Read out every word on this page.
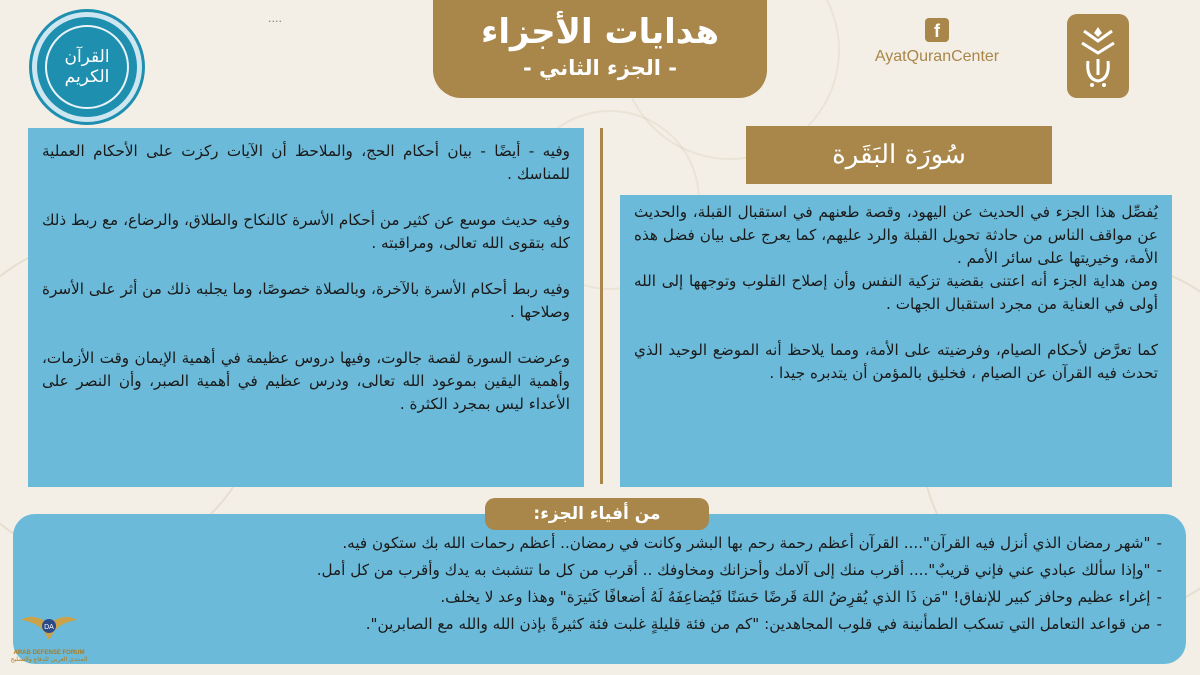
....
القرآن الكريم
هدايات الأجزاء
- الجزء الثاني -
f
AyatQuranCenter

وفيه - أيضًا - بيان أحكام الحج، والملاحظ أن الآيات ركزت على الأحكام العملية للمناسك .

وفيه حديث موسع عن كثير من أحكام الأسرة كالنكاح والطلاق، والرضاع، مع ربط ذلك كله بتقوى الله تعالى، ومراقبته .

وفيه ربط أحكام الأسرة بالآخرة، وبالصلاة خصوصًا، وما يجلبه ذلك من أثر على الأسرة وصلاحها .

وعرضت السورة لقصة جالوت، وفيها دروس عظيمة في أهمية الإيمان وقت الأزمات، وأهمية اليقين بموعود الله تعالى، ودرس عظيم في أهمية الصبر، وأن النصر على الأعداء ليس بمجرد الكثرة .

سُورَة البَقَرة

يُفصِّل هذا الجزء في الحديث عن اليهود، وقصة طعنهم في استقبال القبلة، والحديث عن مواقف الناس من حادثة تحويل القبلة والرد عليهم، كما يعرج على بيان فضل هذه الأمة، وخيريتها على سائر الأمم .

ومن هداية الجزء أنه اعتنى بقضية تزكية النفس وأن إصلاح القلوب وتوجهها إلى الله أولى في العناية من مجرد استقبال الجهات .

كما تعرَّض لأحكام الصيام، وفرضيته على الأمة، ومما يلاحظ أنه الموضع الوحيد الذي تحدث فيه القرآن عن الصيام ، فخليق بالمؤمن أن يتدبره جيدا .

-
"شهر رمضان الذي أنزل فيه القرآن".... القرآن أعظم رحمة رحم بها البشر وكانت في رمضان.. أعظم رحمات الله بك ستكون فيه.
-
"وإذا سألك عبادي عني فإني قريبٌ".... أقرب منك إلى آلامك وأحزانك ومخاوفك .. أقرب من كل ما تتشبث به يدك وأقرب من كل أمل.
-
إغراء عظيم وحافز كبير للإنفاق! "مَن ذَا الذي يُقرِضُ اللهَ قَرضًا حَسَنًا فَيُضاعِفَهُ لَهُ أضعافًا كَثيرَة" وهذا وعد لا يخلف.
-
من قواعد التعامل التي تسكب الطمأنينة في قلوب المجاهدين: "كم من فئة قليلةٍ غلبت فئة كثيرةً بإذن الله والله مع الصابرين".
من أفياء الجزء:
DA
ARAB DEFENSE FORUM
المنتدى العربي للدفاع والتسليح
